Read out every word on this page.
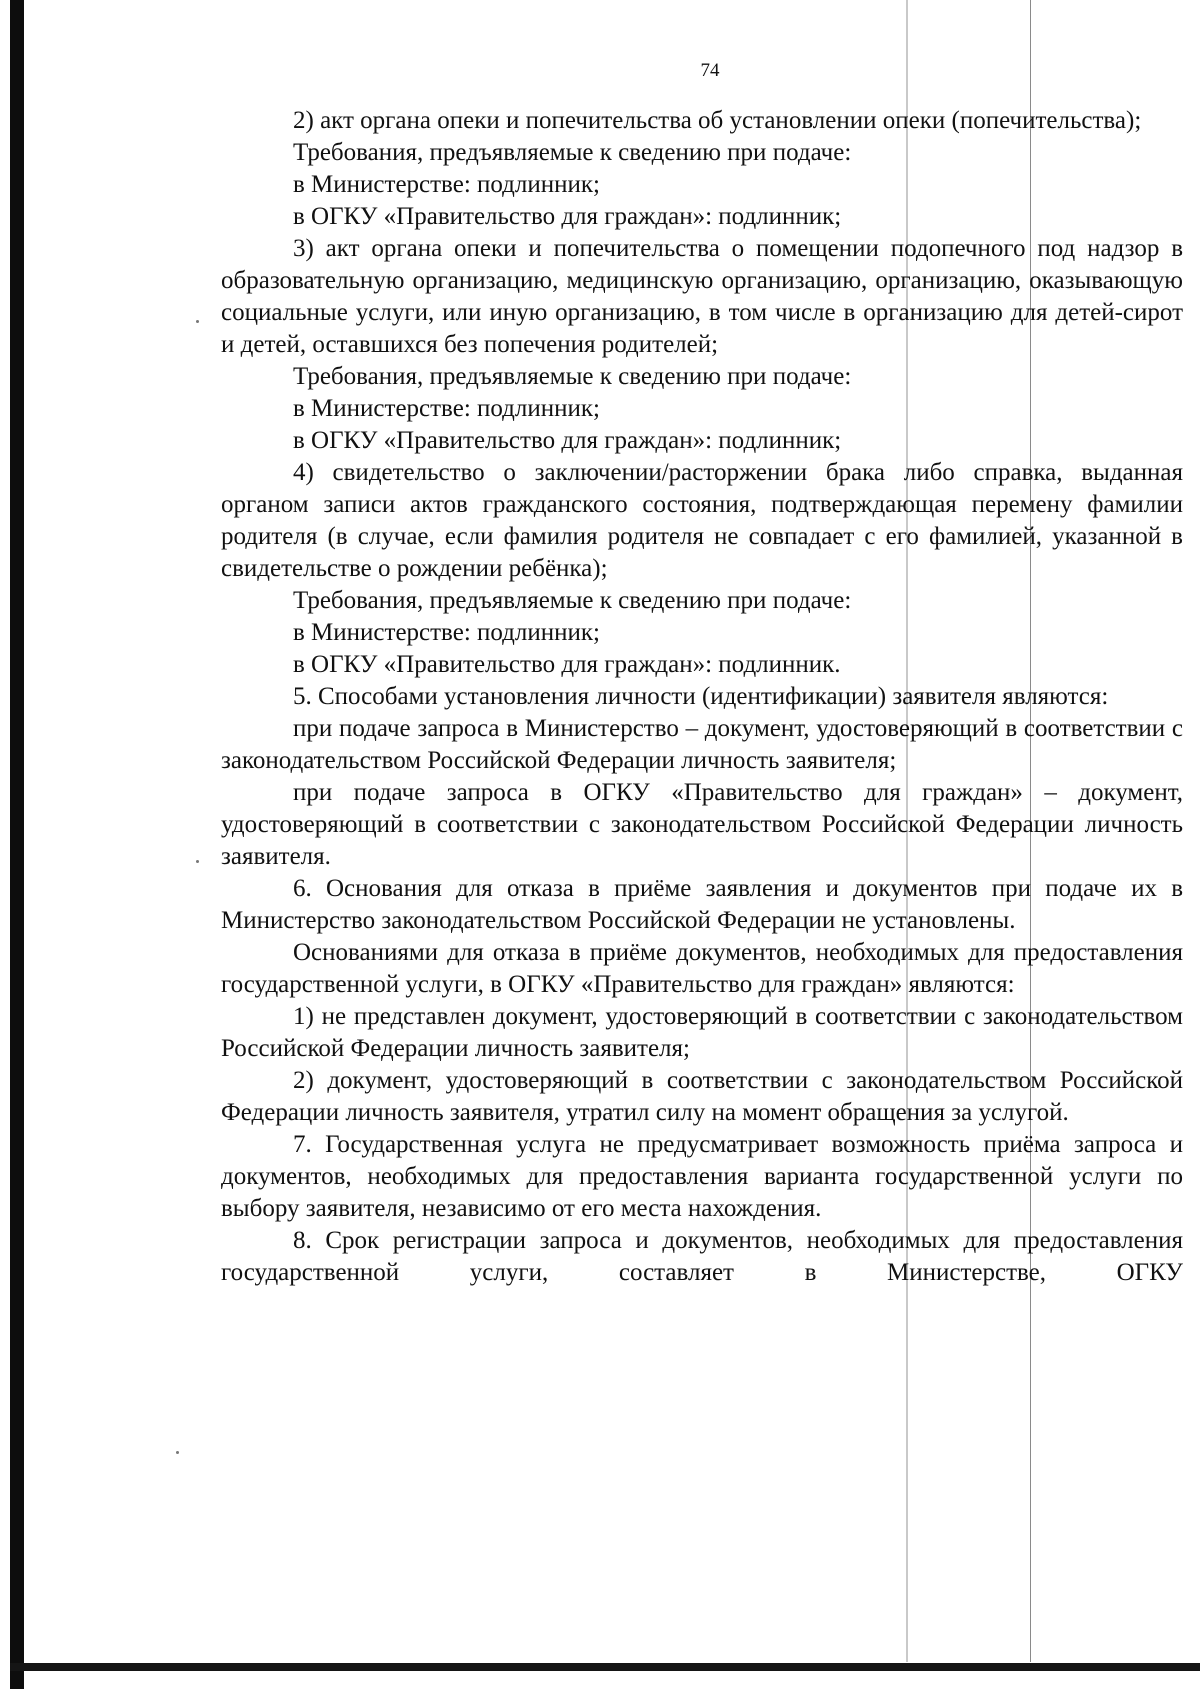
74

2) акт органа опеки и попечительства об установлении опеки (попечительства);

Требования, предъявляемые к сведению при подаче:

в Министерстве: подлинник;

в ОГКУ «Правительство для граждан»: подлинник;

3) акт органа опеки и попечительства о помещении подопечного под надзор в образовательную организацию, медицинскую организацию, организацию, оказывающую социальные услуги, или иную организацию, в том числе в организацию для детей-сирот и детей, оставшихся без попечения родителей;

Требования, предъявляемые к сведению при подаче:

в Министерстве: подлинник;

в ОГКУ «Правительство для граждан»: подлинник;

4) свидетельство о заключении/расторжении брака либо справка, выданная органом записи актов гражданского состояния, подтверждающая перемену фамилии родителя (в случае, если фамилия родителя не совпадает с его фамилией, указанной в свидетельстве о рождении ребёнка);

Требования, предъявляемые к сведению при подаче:

в Министерстве: подлинник;

в ОГКУ «Правительство для граждан»: подлинник.

5. Способами установления личности (идентификации) заявителя являются:

при подаче запроса в Министерство – документ, удостоверяющий в соответствии с законодательством Российской Федерации личность заявителя;

при подаче запроса в ОГКУ «Правительство для граждан» – документ, удостоверяющий в соответствии с законодательством Российской Федерации личность заявителя.

6. Основания для отказа в приёме заявления и документов при подаче их в Министерство законодательством Российской Федерации не установлены.

Основаниями для отказа в приёме документов, необходимых для предоставления государственной услуги, в ОГКУ «Правительство для граждан» являются:

1) не представлен документ, удостоверяющий в соответствии с законодательством Российской Федерации личность заявителя;

2) документ, удостоверяющий в соответствии с законодательством Российской Федерации личность заявителя, утратил силу на момент обращения за услугой.

7. Государственная услуга не предусматривает возможность приёма запроса и документов, необходимых для предоставления варианта государственной услуги по выбору заявителя, независимо от его места нахождения.

8. Срок регистрации запроса и документов, необходимых для предоставления государственной услуги, составляет в Министерстве, ОГКУ
